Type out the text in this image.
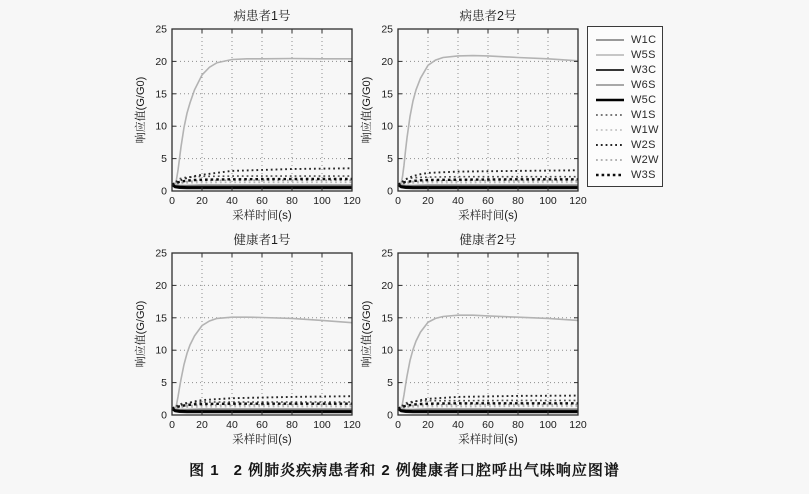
0 20 40 60 80 100 120
0
5
10
15
20
25
病患者1号
采样时间(s)
响应值(G/G0)
0 20 40 60 80 100 120
0
5
10
15
20
25
病患者2号
采样时间(s)
响应值(G/G0)
0 20 40 60 80 100 120
0
5
10
15
20
25
健康者1号
采样时间(s)
响应值(G/G0)
0 20 40 60 80 100 120
0
5
10
15
20
25
健康者2号
采样时间(s)
响应值(G/G0)
W1C
W5S
W3C
W6S
W5C
W1S
W1W
W2S
W2W
W3S
图 1 2 例肺炎疾病患者和 2 例健康者口腔呼出气味响应图谱
